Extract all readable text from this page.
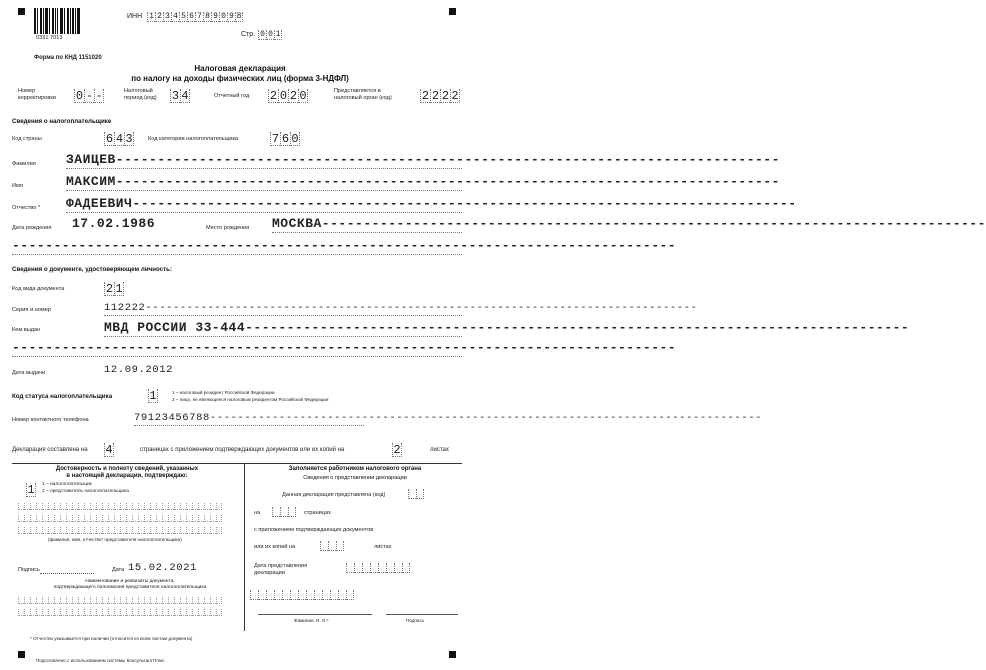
0331 7013
ИНН 1 2 3 4 5 6 7 8 9 0 9 8
Стр. 0 0 1
Форма по КНД 1151020
Налоговая декларация
по налогу на доходы физических лиц (форма 3-НДФЛ)
Номер корректировки	0 - -	Налоговый период (код)	3 4	Отчетный год 2 0 2 0	Представляется в налоговый орган (код)	2 2 2 2
Сведения о налогоплательщике
Код страны	6 4 3	Код категории налогоплательщика	7 6 0
Фамилия ЗАИЦЕВ--------------------------------------------------------------------------------
Имя	МАКСИМ--------------------------------------------------------------------------------
Отчество * ФАДЕЕВИЧ--------------------------------------------------------------------------------
Дата рождения 17.02.1986	Место рождения МОСКВА--------------------------------------------------------------------------------
--------------------------------------------------------------------------------
Сведения о документе, удостоверяющем личность:
Код вида документа	2 1
Серия и номер	112222--------------------------------------------------------------------------------
Кем выдан	МВД РОССИИ 33-444--------------------------------------------------------------------------------
--------------------------------------------------------------------------------
Дата выдачи	12.09.2012
Код статуса налогоплательщика	1	1 – налоговый резидент Российской Федерации
2 – лицо, не являющееся налоговым резидентом Российской Федерации
Номер контактного телефона	79123456788--------------------------------------------------------------------------------
Декларация составлена на 4	страницах с приложением подтверждающих документов или их копий на	2	листах
Достоверность и полноту сведений, указанных
в настоящей декларации, подтверждаю:
1 1 – налогоплательщик
2 – представитель налогоплательщика
(фамилия, имя, отчество* представителя налогоплательщика)
Подпись	Дата 15.02.2021
Наименование и реквизиты документа,
подтверждающего полномочия представителя налогоплательщика
* Отчество указывается при наличии (относится ко всем листам документа)
Заполняется работником налогового органа
Сведения о представлении декларации
Данная декларация представлена (код)
на	страницах
с приложением подтверждающих документов
или их копий на	листах
Дата представления
декларации
Фамилия, И. О.*	Подпись
Подготовлено с использованием системы КонсультантПлюс
